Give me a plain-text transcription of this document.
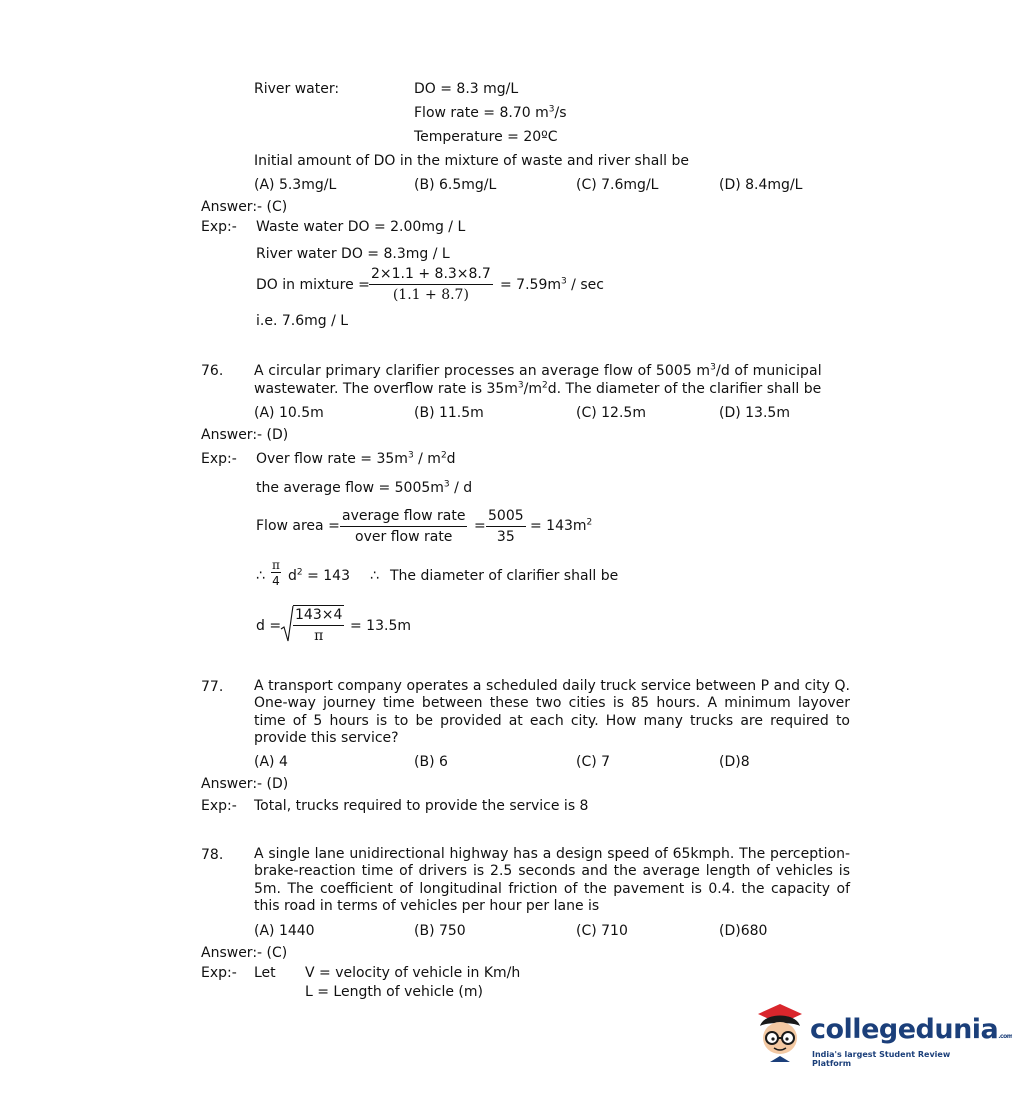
River water:	DO = 8.3 mg/L
Flow rate = 8.70 $m^3/s$
Temperature = 20ºC
Initial amount of DO in the mixture of waste and river shall be
(A) 5.3mg/L	(B) 6.5mg/L	(C) 7.6mg/L	(D) 8.4mg/L
Answer:- (C)
Exp:- Waste water DO = 2.00mg / L
River water DO = 8.3mg / L
DO in mixture = $\frac{2\times 1.1 + 8.3\times 8.7}{(1.1 + 8.7)} = 7.59m^3 / \sec$
i.e. 7.6mg / L
76. A circular primary clarifier processes an average flow of 5005 $m^3/d$ of municipal
wastewater. The overflow rate is $35m^3/m^2d$. The diameter of the clarifier shall be
(A) 10.5m	(B) 11.5m	(C) 12.5m	(D) 13.5m
Answer:- (D)
Exp:- Over flow rate = $35m^3 / m^2d$
the average flow = $5005m^3$ / d
Flow area =
average flow rate
over flow rate
= $\frac{5005}{35} = 143m^2$
∴ $\frac{\pi}{4} d^2 = 143$ ∴ The diameter of clarifier shall be
$d = \frac{143\times 4}{\pi} = 13.5m$
77. A transport company operates a scheduled daily truck service between P and city Q. One-way journey time between these two cities is 85 hours. A minimum layover time of 5 hours is to be provided at each city. How many trucks are required to provide this service?
(A) 4	(B) 6	(C) 7	(D)8
Answer:- (D)
Exp:- Total, trucks required to provide the service is 8
78. A single lane unidirectional highway has a design speed of 65kmph. The perception-brake-reaction time of drivers is 2.5 seconds and the average length of vehicles is 5m. The coefficient of longitudinal friction of the pavement is 0.4. the capacity of this road in terms of vehicles per hour per lane is
(A) 1440	(B) 750	(C) 710	(D)680
Answer:- (C)
Exp:- Let V = velocity of vehicle in Km/h
L = Length of vehicle (m)
collegedunia.com
India's largest Student Review Platform
